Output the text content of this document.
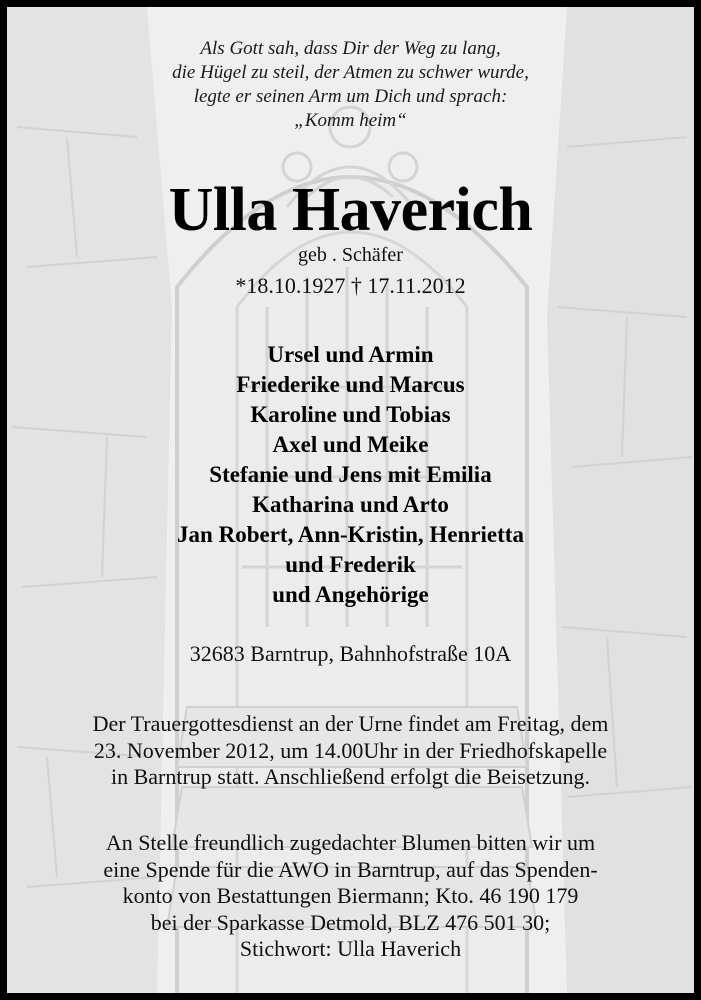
Als Gott sah, dass Dir der Weg zu lang,
die Hügel zu steil, der Atmen zu schwer wurde,
legte er seinen Arm um Dich und sprach:
„Komm heim“
Ulla Haverich
geb . Schäfer
*18.10.1927 † 17.11.2012
Ursel und Armin
Friederike und Marcus
Karoline und Tobias
Axel und Meike
Stefanie und Jens mit Emilia
Katharina und Arto
Jan Robert, Ann-Kristin, Henrietta
und Frederik
und Angehörige
32683 Barntrup, Bahnhofstraße 10A
Der Trauergottesdienst an der Urne findet am Freitag, dem
23. November 2012, um 14.00Uhr in der Friedhofskapelle
in Barntrup statt. Anschließend erfolgt die Beisetzung.
An Stelle freundlich zugedachter Blumen bitten wir um
eine Spende für die AWO in Barntrup, auf das Spenden-
konto von Bestattungen Biermann; Kto. 46 190 179
bei der Sparkasse Detmold, BLZ 476 501 30;
Stichwort: Ulla Haverich
